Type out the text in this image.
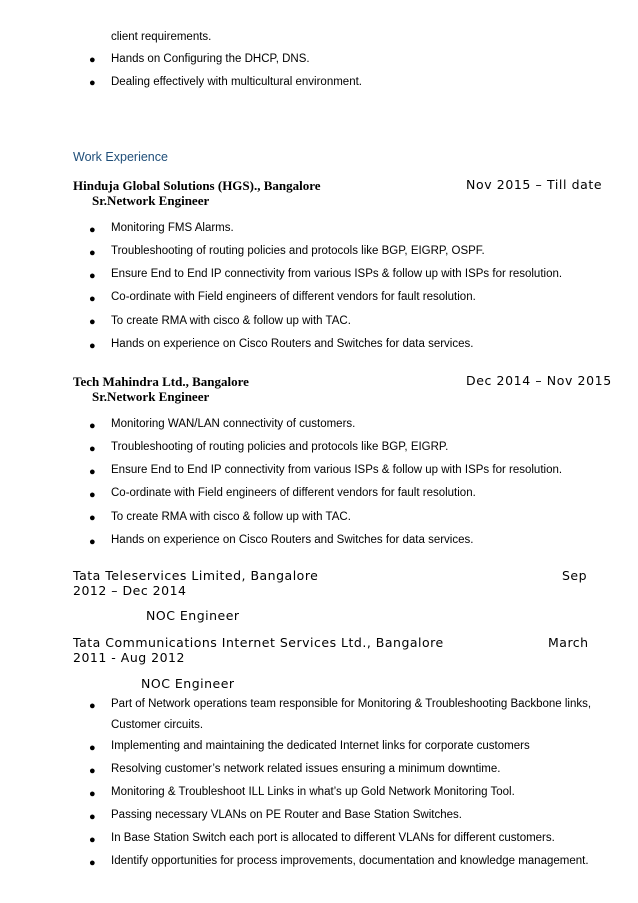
client requirements.
● Hands on Configuring the DHCP, DNS.
● Dealing effectively with multicultural environment.
Work Experience
Hinduja Global Solutions (HGS)., Bangalore	Nov 2015 – Till date
Sr.Network Engineer
● Monitoring FMS Alarms.
● Troubleshooting of routing policies and protocols like BGP, EIGRP, OSPF.
● Ensure End to End IP connectivity from various ISPs & follow up with ISPs for resolution.
● Co-ordinate with Field engineers of different vendors for fault resolution.
● To create RMA with cisco & follow up with TAC.
● Hands on experience on Cisco Routers and Switches for data services.
Tech Mahindra Ltd., Bangalore	Dec 2014 – Nov 2015
Sr.Network Engineer
● Monitoring WAN/LAN connectivity of customers.
● Troubleshooting of routing policies and protocols like BGP, EIGRP.
● Ensure End to End IP connectivity from various ISPs & follow up with ISPs for resolution.
● Co-ordinate with Field engineers of different vendors for fault resolution.
● To create RMA with cisco & follow up with TAC.
● Hands on experience on Cisco Routers and Switches for data services.
Tata Teleservices Limited, Bangalore	Sep
2012 – Dec 2014
NOC Engineer
Tata Communications Internet Services Ltd., Bangalore	March
2011 - Aug 2012
NOC Engineer
● Part of Network operations team responsible for Monitoring & Troubleshooting Backbone links,
Customer circuits.
● Implementing and maintaining the dedicated Internet links for corporate customers
● Resolving customer’s network related issues ensuring a minimum downtime.
● Monitoring & Troubleshoot ILL Links in what’s up Gold Network Monitoring Tool.
● Passing necessary VLANs on PE Router and Base Station Switches.
● In Base Station Switch each port is allocated to different VLANs for different customers.
● Identify opportunities for process improvements, documentation and knowledge management.
